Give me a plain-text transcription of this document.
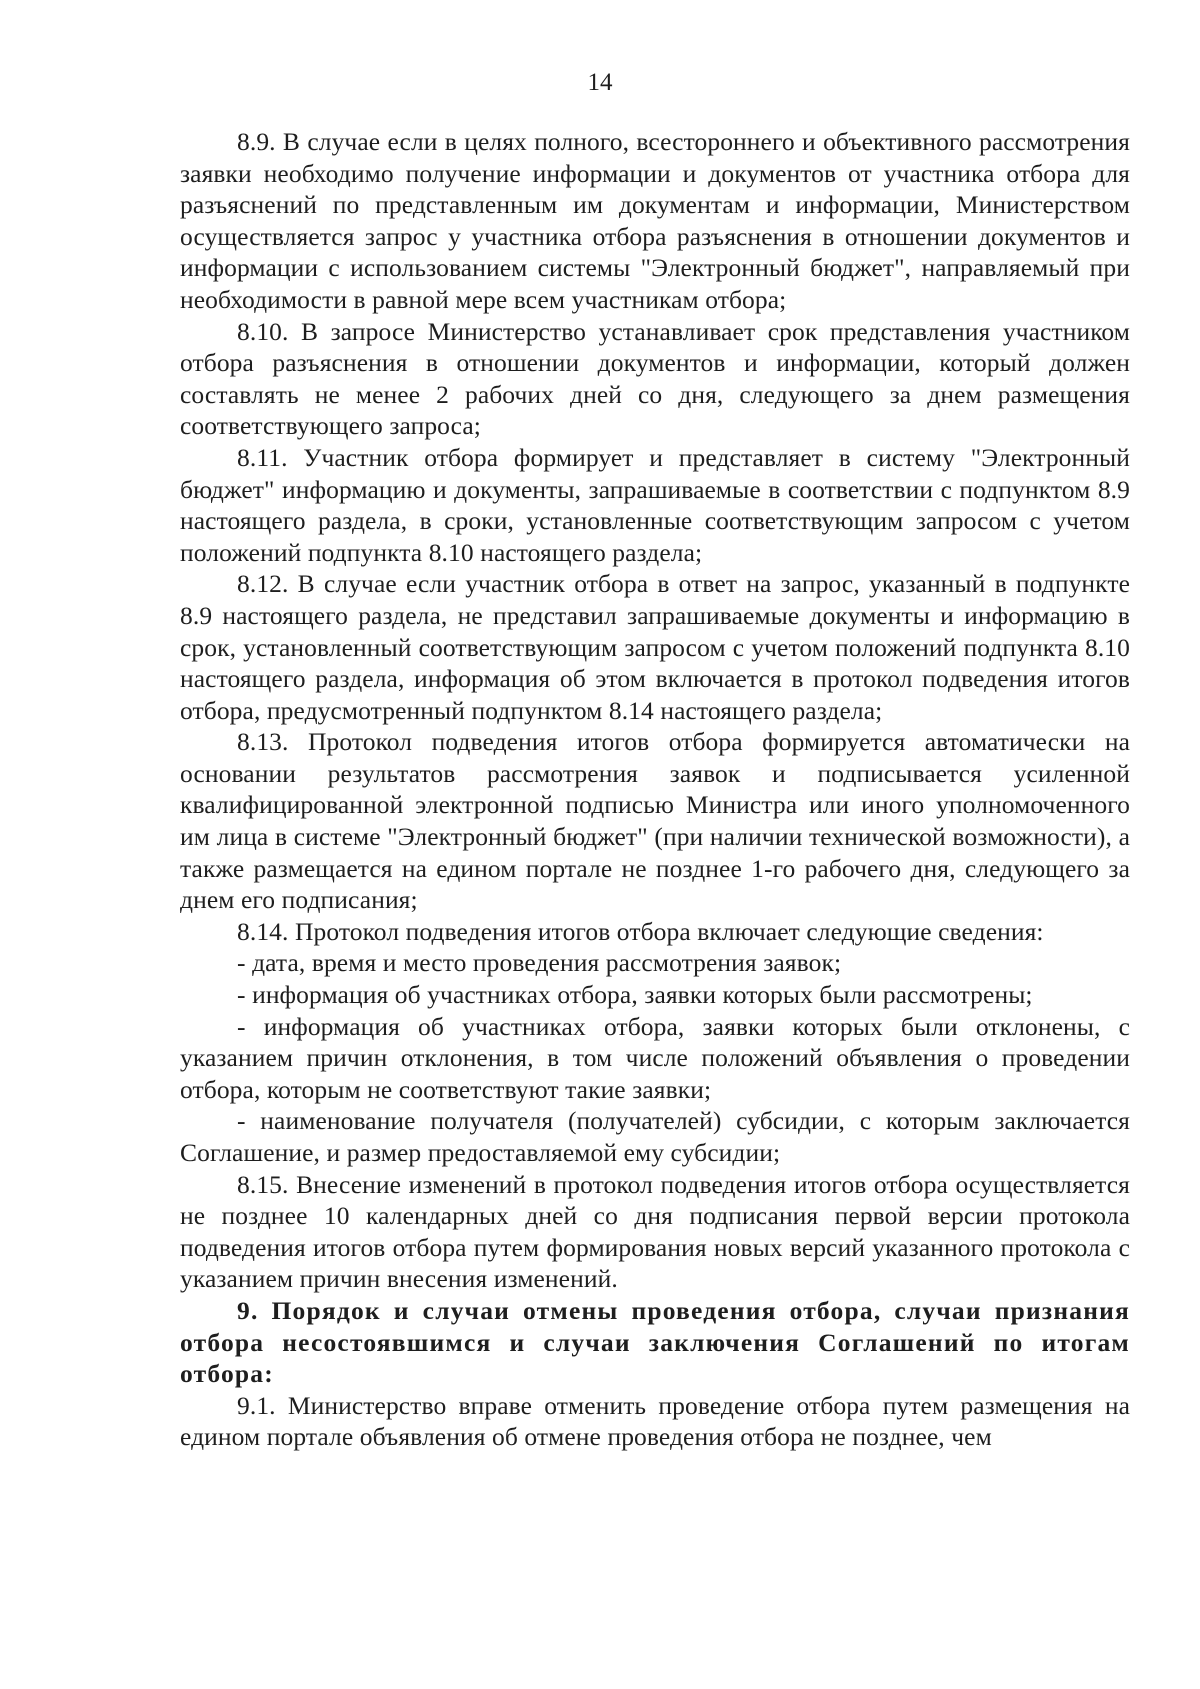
14

8.9. В случае если в целях полного, всестороннего и объективного рассмотрения заявки необходимо получение информации и документов от участника отбора для разъяснений по представленным им документам и информации, Министерством осуществляется запрос у участника отбора разъяснения в отношении документов и информации с использованием системы "Электронный бюджет", направляемый при необходимости в равной мере всем участникам отбора;

8.10. В запросе Министерство устанавливает срок представления участником отбора разъяснения в отношении документов и информации, который должен составлять не менее 2 рабочих дней со дня, следующего за днем размещения соответствующего запроса;

8.11. Участник отбора формирует и представляет в систему "Электронный бюджет" информацию и документы, запрашиваемые в соответствии с подпунктом 8.9 настоящего раздела, в сроки, установленные соответствующим запросом с учетом положений подпункта 8.10 настоящего раздела;

8.12. В случае если участник отбора в ответ на запрос, указанный в подпункте 8.9 настоящего раздела, не представил запрашиваемые документы и информацию в срок, установленный соответствующим запросом с учетом положений подпункта 8.10 настоящего раздела, информация об этом включается в протокол подведения итогов отбора, предусмотренный подпунктом 8.14 настоящего раздела;

8.13. Протокол подведения итогов отбора формируется автоматически на основании результатов рассмотрения заявок и подписывается усиленной квалифицированной электронной подписью Министра или иного уполномоченного им лица в системе "Электронный бюджет" (при наличии технической возможности), а также размещается на едином портале не позднее 1-го рабочего дня, следующего за днем его подписания;

8.14. Протокол подведения итогов отбора включает следующие сведения:

- дата, время и место проведения рассмотрения заявок;

- информация об участниках отбора, заявки которых были рассмотрены;

- информация об участниках отбора, заявки которых были отклонены, с указанием причин отклонения, в том числе положений объявления о проведении отбора, которым не соответствуют такие заявки;

- наименование получателя (получателей) субсидии, с которым заключается Соглашение, и размер предоставляемой ему субсидии;

8.15. Внесение изменений в протокол подведения итогов отбора осуществляется не позднее 10 календарных дней со дня подписания первой версии протокола подведения итогов отбора путем формирования новых версий указанного протокола с указанием причин внесения изменений.

9. Порядок и случаи отмены проведения отбора, случаи признания отбора несостоявшимся и случаи заключения Соглашений по итогам отбора:

9.1. Министерство вправе отменить проведение отбора путем размещения на едином портале объявления об отмене проведения отбора не позднее, чем
